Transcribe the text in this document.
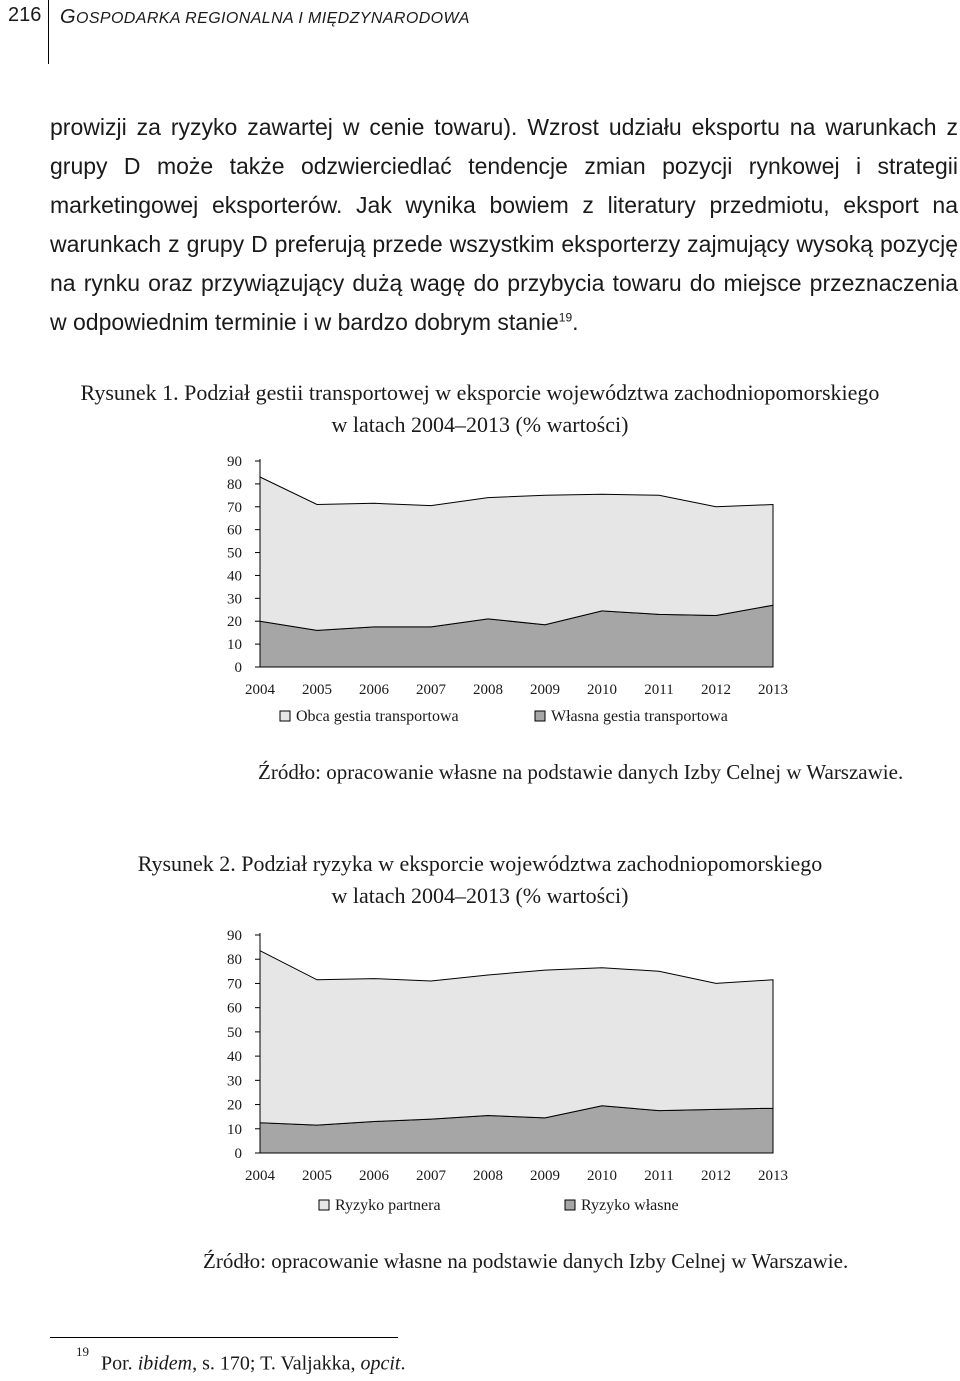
216 GOSPODARKA REGIONALNA I MIĘDZYNARODOWA

prowizji za ryzyko zawartej w cenie towaru). Wzrost udziału eksportu na warunkach z grupy D może także odzwierciedlać tendencje zmian pozycji rynkowej i strategii marketingowej eksporterów. Jak wynika bowiem z literatury przedmiotu, eksport na warunkach z grupy D preferują przede wszystkim eksporterzy zajmujący wysoką pozycję na rynku oraz przywiązujący dużą wagę do przybycia towaru do miejsce przeznaczenia w odpowiednim terminie i w bardzo dobrym stanie$^{19}$.

Rysunek 1. Podział gestii transportowej w eksporcie województwa zachodniopomorskiego
w latach 2004–2013 (% wartości)
0
10
20
30
40
50
60
70
80
90
2004 2005 2006 2007 2008 2009 2010 2011 2012 2013
Obca gestia transportowa	Własna gestia transportowa
Źródło: opracowanie własne na podstawie danych Izby Celnej w Warszawie.
Rysunek 2. Podział ryzyka w eksporcie województwa zachodniopomorskiego
w latach 2004–2013 (% wartości)
0
10
20
30
40
50
60
70
80
90
2004 2005 2006 2007 2008 2009 2010 2011 2012 2013
Ryzyko partnera	Ryzyko własne
Źródło: opracowanie własne na podstawie danych Izby Celnej w Warszawie.
$^{19}$Por. ibidem, s. 170; T. Valjakka, opcit.
